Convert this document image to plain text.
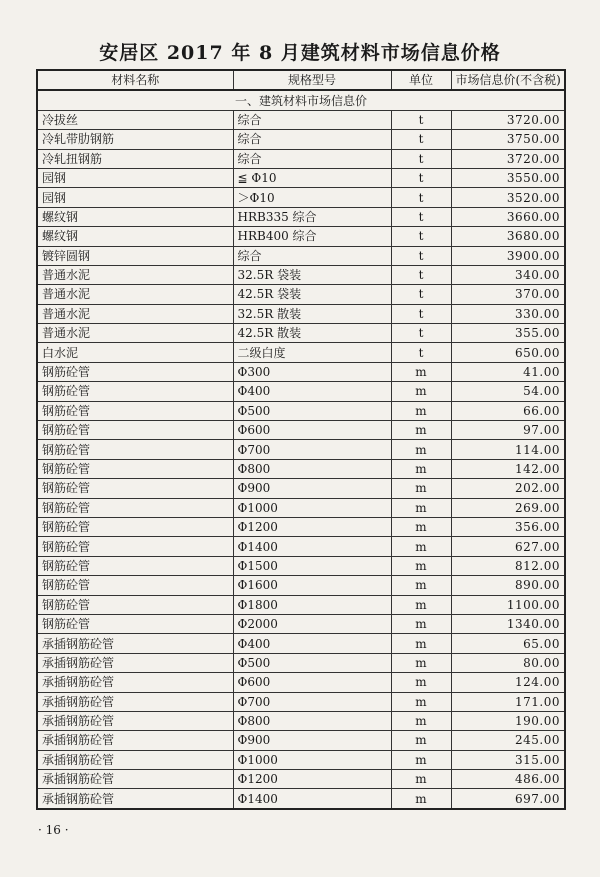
安居区 2017 年 8 月建筑材料市场信息价格
材料名称	规格型号	单位	市场信息价(不含税)
一、建筑材料市场信息价			
冷拔丝	综合	t	3720.00
冷轧带肋钢筋	综合	t	3750.00
冷轧扭钢筋	综合	t	3720.00
园钢	≦ Φ10	t	3550.00
园钢	＞Φ10	t	3520.00
螺纹钢	HRB335 综合	t	3660.00
螺纹钢	HRB400 综合	t	3680.00
镀锌圆钢	综合	t	3900.00
普通水泥	32.5R 袋装	t	340.00
普通水泥	42.5R 袋装	t	370.00
普通水泥	32.5R 散装	t	330.00
普通水泥	42.5R 散装	t	355.00
白水泥	二级白度	t	650.00
钢筋砼管	Φ300	m	41.00
钢筋砼管	Φ400	m	54.00
钢筋砼管	Φ500	m	66.00
钢筋砼管	Φ600	m	97.00
钢筋砼管	Φ700	m	114.00
钢筋砼管	Φ800	m	142.00
钢筋砼管	Φ900	m	202.00
钢筋砼管	Φ1000	m	269.00
钢筋砼管	Φ1200	m	356.00
钢筋砼管	Φ1400	m	627.00
钢筋砼管	Φ1500	m	812.00
钢筋砼管	Φ1600	m	890.00
钢筋砼管	Φ1800	m	1100.00
钢筋砼管	Φ2000	m	1340.00
承插钢筋砼管	Φ400	m	65.00
承插钢筋砼管	Φ500	m	80.00
承插钢筋砼管	Φ600	m	124.00
承插钢筋砼管	Φ700	m	171.00
承插钢筋砼管	Φ800	m	190.00
承插钢筋砼管	Φ900	m	245.00
承插钢筋砼管	Φ1000	m	315.00
承插钢筋砼管	Φ1200	m	486.00
承插钢筋砼管	Φ1400	m	697.00
· 16 ·
